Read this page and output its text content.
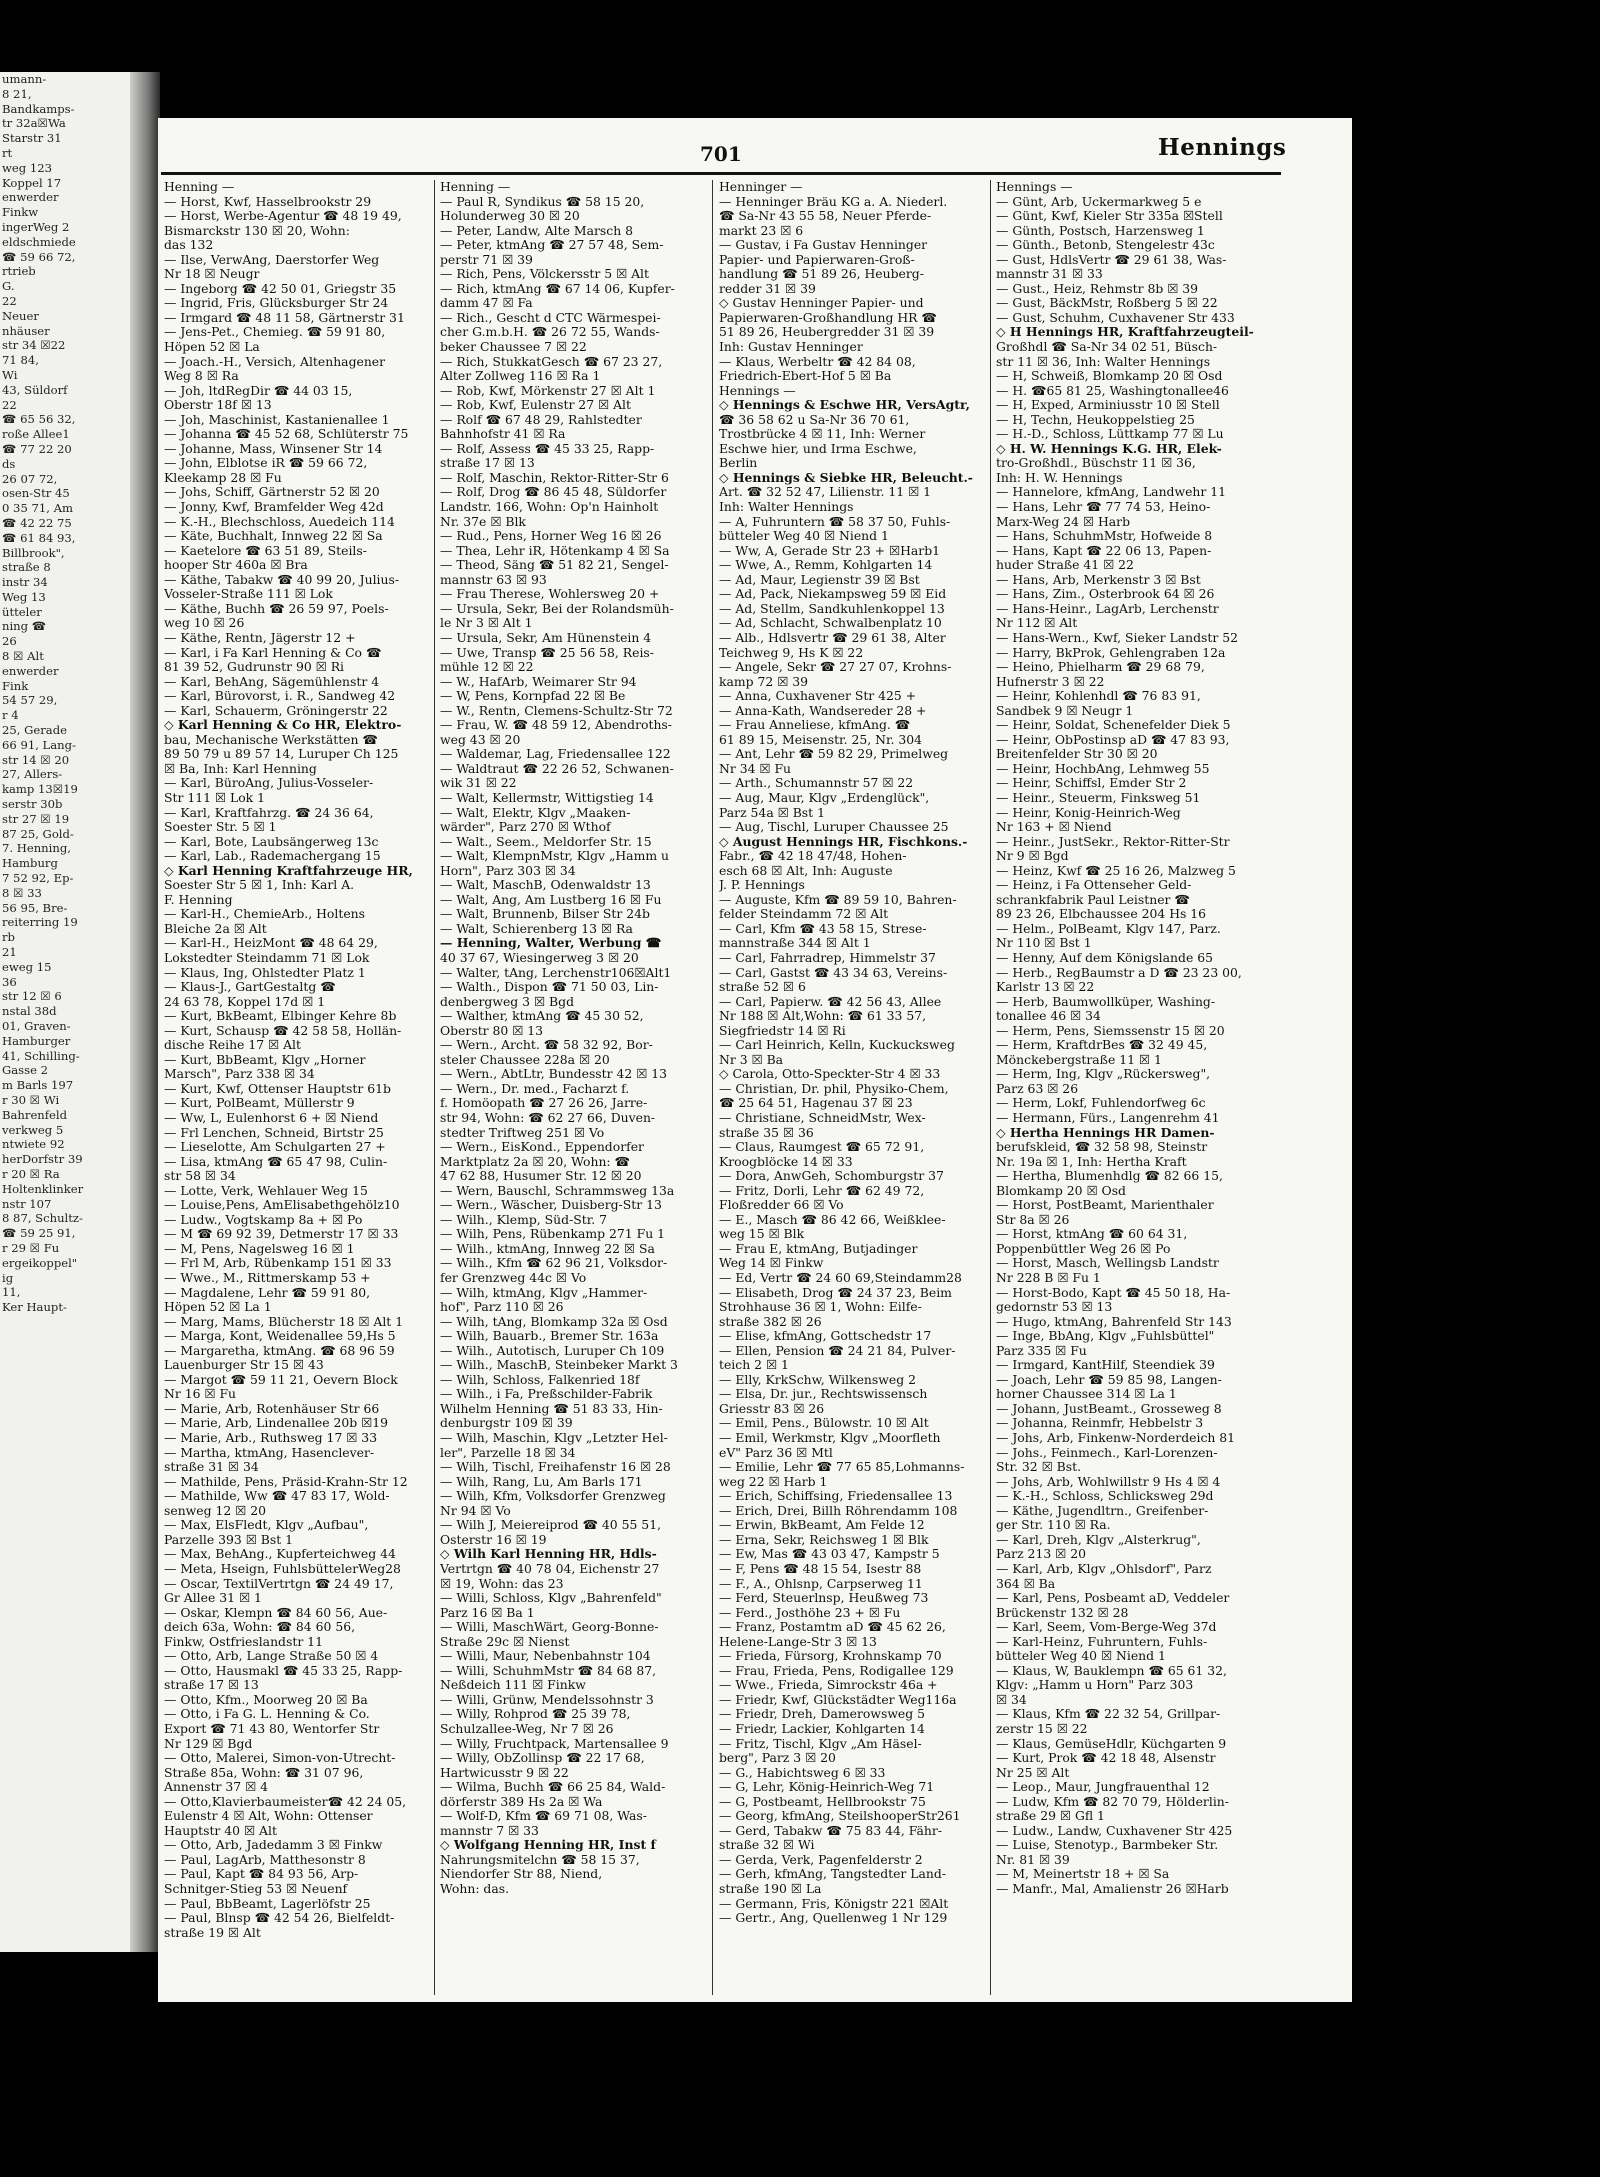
umann-
8 21,
Bandkamps-
tr 32a☒Wa
Starstr 31
rt
weg 123
Koppel 17
enwerder
Finkw
ingerWeg 2
eldschmiede
☎ 59 66 72,
rtrieb
G.
22
Neuer
nhäuser
str 34 ☒22
71 84,
Wi
43, Süldorf
22
☎ 65 56 32,
roße Allee1
☎ 77 22 20
ds
26 07 72,
osen-Str 45
0 35 71, Am
☎ 42 22 75
☎ 61 84 93,
Billbrook",
straße 8
instr 34
Weg 13
ütteler
ning ☎
26
8 ☒ Alt
enwerder
Fink
54 57 29,
r 4
25, Gerade
66 91, Lang-
str 14 ☒ 20
27, Allers-
kamp 13☒19
serstr 30b
str 27 ☒ 19
87 25, Gold-
7. Henning,
Hamburg
7 52 92, Ep-
8 ☒ 33
56 95, Bre-
reiterring 19
rb
21
eweg 15
36
str 12 ☒ 6
nstal 38d
01, Graven-
Hamburger
41, Schilling-
Gasse 2
m Barls 197
r 30 ☒ Wi
Bahrenfeld
verkweg 5
ntwiete 92
herDorfstr 39
r 20 ☒ Ra
Holtenklinker
nstr 107
8 87, Schultz-
☎ 59 25 91,
r 29 ☒ Fu
ergeikoppel"
ig
11,
Ker Haupt-
701	Hennings
Henning —
— Horst, Kwf, Hasselbrookstr 29
— Horst, Werbe-Agentur ☎ 48 19 49,
Bismarckstr 130 ☒ 20, Wohn:
das 132
— Ilse, VerwAng, Daerstorfer Weg
Nr 18 ☒ Neugr
— Ingeborg ☎ 42 50 01, Griegstr 35
— Ingrid, Fris, Glücksburger Str 24
— Irmgard ☎ 48 11 58, Gärtnerstr 31
— Jens-Pet., Chemieg. ☎ 59 91 80,
Höpen 52 ☒ La
— Joach.-H., Versich, Altenhagener
Weg 8 ☒ Ra
— Joh, ltdRegDir ☎ 44 03 15,
Oberstr 18f ☒ 13
— Joh, Maschinist, Kastanienallee 1
— Johanna ☎ 45 52 68, Schlüterstr 75
— Johanne, Mass, Winsener Str 14
— John, Elblotse iR ☎ 59 66 72,
Kleekamp 28 ☒ Fu
— Johs, Schiff, Gärtnerstr 52 ☒ 20
— Jonny, Kwf, Bramfelder Weg 42d
— K.-H., Blechschloss, Auedeich 114
— Käte, Buchhalt, Innweg 22 ☒ Sa
— Kaetelore ☎ 63 51 89, Steils-
hooper Str 460a ☒ Bra
— Käthe, Tabakw ☎ 40 99 20, Julius-
Vosseler-Straße 111 ☒ Lok
— Käthe, Buchh ☎ 26 59 97, Poels-
weg 10 ☒ 26
— Käthe, Rentn, Jägerstr 12 +
— Karl, i Fa Karl Henning & Co ☎
81 39 52, Gudrunstr 90 ☒ Ri
— Karl, BehAng, Sägemühlenstr 4
— Karl, Bürovorst, i. R., Sandweg 42
— Karl, Schauerm, Gröningerstr 22
◇ Karl Henning & Co HR, Elektro-
bau, Mechanische Werkstätten ☎
89 50 79 u 89 57 14, Luruper Ch 125
☒ Ba, Inh: Karl Henning
— Karl, BüroAng, Julius-Vosseler-
Str 111 ☒ Lok 1
— Karl, Kraftfahrzg. ☎ 24 36 64,
Soester Str. 5 ☒ 1
— Karl, Bote, Laubsängerweg 13c
— Karl, Lab., Rademachergang 15
◇ Karl Henning Kraftfahrzeuge HR,
Soester Str 5 ☒ 1, Inh: Karl A.
F. Henning
— Karl-H., ChemieArb., Holtens
Bleiche 2a ☒ Alt
— Karl-H., HeizMont ☎ 48 64 29,
Lokstedter Steindamm 71 ☒ Lok
— Klaus, Ing, Ohlstedter Platz 1
— Klaus-J., GartGestaltg ☎
24 63 78, Koppel 17d ☒ 1
— Kurt, BkBeamt, Elbinger Kehre 8b
— Kurt, Schausp ☎ 42 58 58, Hollän-
dische Reihe 17 ☒ Alt
— Kurt, BbBeamt, Klgv „Horner
Marsch", Parz 338 ☒ 34
— Kurt, Kwf, Ottenser Hauptstr 61b
— Kurt, PolBeamt, Müllerstr 9
— Ww, L, Eulenhorst 6 + ☒ Niend
— Frl Lenchen, Schneid, Birtstr 25
— Lieselotte, Am Schulgarten 27 +
— Lisa, ktmAng ☎ 65 47 98, Culin-
str 58 ☒ 34
— Lotte, Verk, Wehlauer Weg 15
— Louise,Pens, AmElisabethgehölz10
— Ludw., Vogtskamp 8a + ☒ Po
— M ☎ 69 92 39, Detmerstr 17 ☒ 33
— M, Pens, Nagelsweg 16 ☒ 1
— Frl M, Arb, Rübenkamp 151 ☒ 33
— Wwe., M., Rittmerskamp 53 +
— Magdalene, Lehr ☎ 59 91 80,
Höpen 52 ☒ La 1
— Marg, Mams, Blücherstr 18 ☒ Alt 1
— Marga, Kont, Weidenallee 59,Hs 5
— Margaretha, ktmAng. ☎ 68 96 59
Lauenburger Str 15 ☒ 43
— Margot ☎ 59 11 21, Oevern Block
Nr 16 ☒ Fu
— Marie, Arb, Rotenhäuser Str 66
— Marie, Arb, Lindenallee 20b ☒19
— Marie, Arb., Ruthsweg 17 ☒ 33
— Martha, ktmAng, Hasenclever-
straße 31 ☒ 34
— Mathilde, Pens, Präsid-Krahn-Str 12
— Mathilde, Ww ☎ 47 83 17, Wold-
senweg 12 ☒ 20
— Max, ElsFledt, Klgv „Aufbau",
Parzelle 393 ☒ Bst 1
— Max, BehAng., Kupferteichweg 44
— Meta, Hseign, FuhlsbüttelerWeg28
— Oscar, TextilVertrtgn ☎ 24 49 17,
Gr Allee 31 ☒ 1
— Oskar, Klempn ☎ 84 60 56, Aue-
deich 63a, Wohn: ☎ 84 60 56,
Finkw, Ostfrieslandstr 11
— Otto, Arb, Lange Straße 50 ☒ 4
— Otto, Hausmakl ☎ 45 33 25, Rapp-
straße 17 ☒ 13
— Otto, Kfm., Moorweg 20 ☒ Ba
— Otto, i Fa G. L. Henning & Co.
Export ☎ 71 43 80, Wentorfer Str
Nr 129 ☒ Bgd
— Otto, Malerei, Simon-von-Utrecht-
Straße 85a, Wohn: ☎ 31 07 96,
Annenstr 37 ☒ 4
— Otto,Klavierbaumeister☎ 42 24 05,
Eulenstr 4 ☒ Alt, Wohn: Ottenser
Hauptstr 40 ☒ Alt
— Otto, Arb, Jadedamm 3 ☒ Finkw
— Paul, LagArb, Matthesonstr 8
— Paul, Kapt ☎ 84 93 56, Arp-
Schnitger-Stieg 53 ☒ Neuenf
— Paul, BbBeamt, Lagerlöfstr 25
— Paul, Blnsp ☎ 42 54 26, Bielfeldt-
straße 19 ☒ Alt
Henning —
— Paul R, Syndikus ☎ 58 15 20,
Holunderweg 30 ☒ 20
— Peter, Landw, Alte Marsch 8
— Peter, ktmAng ☎ 27 57 48, Sem-
perstr 71 ☒ 39
— Rich, Pens, Völckersstr 5 ☒ Alt
— Rich, ktmAng ☎ 67 14 06, Kupfer-
damm 47 ☒ Fa
— Rich., Gescht d CTC Wärmespei-
cher G.m.b.H. ☎ 26 72 55, Wands-
beker Chaussee 7 ☒ 22
— Rich, StukkatGesch ☎ 67 23 27,
Alter Zollweg 116 ☒ Ra 1
— Rob, Kwf, Mörkenstr 27 ☒ Alt 1
— Rob, Kwf, Eulenstr 27 ☒ Alt
— Rolf ☎ 67 48 29, Rahlstedter
Bahnhofstr 41 ☒ Ra
— Rolf, Assess ☎ 45 33 25, Rapp-
straße 17 ☒ 13
— Rolf, Maschin, Rektor-Ritter-Str 6
— Rolf, Drog ☎ 86 45 48, Süldorfer
Landstr. 166, Wohn: Op'n Hainholt
Nr. 37e ☒ Blk
— Rud., Pens, Horner Weg 16 ☒ 26
— Thea, Lehr iR, Hötenkamp 4 ☒ Sa
— Theod, Säng ☎ 51 82 21, Sengel-
mannstr 63 ☒ 93
— Frau Therese, Wohlersweg 20 +
— Ursula, Sekr, Bei der Rolandsmüh-
le Nr 3 ☒ Alt 1
— Ursula, Sekr, Am Hünenstein 4
— Uwe, Transp ☎ 25 56 58, Reis-
mühle 12 ☒ 22
— W., HafArb, Weimarer Str 94
— W, Pens, Kornpfad 22 ☒ Be
— W., Rentn, Clemens-Schultz-Str 72
— Frau, W. ☎ 48 59 12, Abendroths-
weg 43 ☒ 20
— Waldemar, Lag, Friedensallee 122
— Waldtraut ☎ 22 26 52, Schwanen-
wik 31 ☒ 22
— Walt, Kellermstr, Wittigstieg 14
— Walt, Elektr, Klgv „Maaken-
wärder", Parz 270 ☒ Wthof
— Walt., Seem., Meldorfer Str. 15
— Walt, KlempnMstr, Klgv „Hamm u
Horn", Parz 303 ☒ 34
— Walt, MaschB, Odenwaldstr 13
— Walt, Ang, Am Lustberg 16 ☒ Fu
— Walt, Brunnenb, Bilser Str 24b
— Walt, Schierenberg 13 ☒ Ra
— Henning, Walter, Werbung ☎
40 37 67, Wiesingerweg 3 ☒ 20
— Walter, tAng, Lerchenstr106☒Alt1
— Walth., Dispon ☎ 71 50 03, Lin-
denbergweg 3 ☒ Bgd
— Walther, ktmAng ☎ 45 30 52,
Oberstr 80 ☒ 13
— Wern., Archt. ☎ 58 32 92, Bor-
steler Chaussee 228a ☒ 20
— Wern., AbtLtr, Bundesstr 42 ☒ 13
— Wern., Dr. med., Facharzt f.
f. Homöopath ☎ 27 26 26, Jarre-
str 94, Wohn: ☎ 62 27 66, Duven-
stedter Triftweg 251 ☒ Vo
— Wern., EisKond., Eppendorfer
Marktplatz 2a ☒ 20, Wohn: ☎
47 62 88, Husumer Str. 12 ☒ 20
— Wern, Bauschl, Schrammsweg 13a
— Wern., Wäscher, Duisberg-Str 13
— Wilh., Klemp, Süd-Str. 7
— Wilh, Pens, Rübenkamp 271 Fu 1
— Wilh., ktmAng, Innweg 22 ☒ Sa
— Wilh., Kfm ☎ 62 96 21, Volksdor-
fer Grenzweg 44c ☒ Vo
— Wilh, ktmAng, Klgv „Hammer-
hof", Parz 110 ☒ 26
— Wilh, tAng, Blomkamp 32a ☒ Osd
— Wilh, Bauarb., Bremer Str. 163a
— Wilh., Autotisch, Luruper Ch 109
— Wilh., MaschB, Steinbeker Markt 3
— Wilh, Schloss, Falkenried 18f
— Wilh., i Fa, Preßschilder-Fabrik
Wilhelm Henning ☎ 51 83 33, Hin-
denburgstr 109 ☒ 39
— Wilh, Maschin, Klgv „Letzter Hel-
ler", Parzelle 18 ☒ 34
— Wilh, Tischl, Freihafenstr 16 ☒ 28
— Wilh, Rang, Lu, Am Barls 171
— Wilh, Kfm, Volksdorfer Grenzweg
Nr 94 ☒ Vo
— Wilh J, Meiereiprod ☎ 40 55 51,
Osterstr 16 ☒ 19
◇ Wilh Karl Henning HR, Hdls-
Vertrtgn ☎ 40 78 04, Eichenstr 27
☒ 19, Wohn: das 23
— Willi, Schloss, Klgv „Bahrenfeld"
Parz 16 ☒ Ba 1
— Willi, MaschWärt, Georg-Bonne-
Straße 29c ☒ Nienst
— Willi, Maur, Nebenbahnstr 104
— Willi, SchuhmMstr ☎ 84 68 87,
Neßdeich 111 ☒ Finkw
— Willi, Grünw, Mendelssohnstr 3
— Willy, Rohprod ☎ 25 39 78,
Schulzallee-Weg, Nr 7 ☒ 26
— Willy, Fruchtpack, Martensallee 9
— Willy, ObZollinsp ☎ 22 17 68,
Hartwicusstr 9 ☒ 22
— Wilma, Buchh ☎ 66 25 84, Wald-
dörferstr 389 Hs 2a ☒ Wa
— Wolf-D, Kfm ☎ 69 71 08, Was-
mannstr 7 ☒ 33
◇ Wolfgang Henning HR, Inst f
Nahrungsmitelchn ☎ 58 15 37,
Niendorfer Str 88, Niend,
Wohn: das.
Henninger —
— Henninger Bräu KG a. A. Niederl.
☎ Sa-Nr 43 55 58, Neuer Pferde-
markt 23 ☒ 6
— Gustav, i Fa Gustav Henninger
Papier- und Papierwaren-Groß-
handlung ☎ 51 89 26, Heuberg-
redder 31 ☒ 39
◇ Gustav Henninger Papier- und
Papierwaren-Großhandlung HR ☎
51 89 26, Heubergredder 31 ☒ 39
Inh: Gustav Henninger
— Klaus, Werbeltr ☎ 42 84 08,
Friedrich-Ebert-Hof 5 ☒ Ba
Hennings —
◇ Hennings & Eschwe HR, VersAgtr,
☎ 36 58 62 u Sa-Nr 36 70 61,
Trostbrücke 4 ☒ 11, Inh: Werner
Eschwe hier, und Irma Eschwe,
Berlin
◇ Hennings & Siebke HR, Beleucht.-
Art. ☎ 32 52 47, Lilienstr. 11 ☒ 1
Inh: Walter Hennings
— A, Fuhruntern ☎ 58 37 50, Fuhls-
bütteler Weg 40 ☒ Niend 1
— Ww, A, Gerade Str 23 + ☒Harb1
— Wwe, A., Remm, Kohlgarten 14
— Ad, Maur, Legienstr 39 ☒ Bst
— Ad, Pack, Niekampsweg 59 ☒ Eid
— Ad, Stellm, Sandkuhlenkoppel 13
— Ad, Schlacht, Schwalbenplatz 10
— Alb., Hdlsvertr ☎ 29 61 38, Alter
Teichweg 9, Hs K ☒ 22
— Angele, Sekr ☎ 27 27 07, Krohns-
kamp 72 ☒ 39
— Anna, Cuxhavener Str 425 +
— Anna-Kath, Wandsereder 28 +
— Frau Anneliese, kfmAng. ☎
61 89 15, Meisenstr. 25, Nr. 304
— Ant, Lehr ☎ 59 82 29, Primelweg
Nr 34 ☒ Fu
— Arth., Schumannstr 57 ☒ 22
— Aug, Maur, Klgv „Erdenglück",
Parz 54a ☒ Bst 1
— Aug, Tischl, Luruper Chaussee 25
◇ August Hennings HR, Fischkons.-
Fabr., ☎ 42 18 47/48, Hohen-
esch 68 ☒ Alt, Inh: Auguste
J. P. Hennings
— Auguste, Kfm ☎ 89 59 10, Bahren-
felder Steindamm 72 ☒ Alt
— Carl, Kfm ☎ 43 58 15, Strese-
mannstraße 344 ☒ Alt 1
— Carl, Fahrradrep, Himmelstr 37
— Carl, Gastst ☎ 43 34 63, Vereins-
straße 52 ☒ 6
— Carl, Papierw. ☎ 42 56 43, Allee
Nr 188 ☒ Alt,Wohn: ☎ 61 33 57,
Siegfriedstr 14 ☒ Ri
— Carl Heinrich, Kelln, Kuckucksweg
Nr 3 ☒ Ba
◇ Carola, Otto-Speckter-Str 4 ☒ 33
— Christian, Dr. phil, Physiko-Chem,
☎ 25 64 51, Hagenau 37 ☒ 23
— Christiane, SchneidMstr, Wex-
straße 35 ☒ 36
— Claus, Raumgest ☎ 65 72 91,
Kroogblöcke 14 ☒ 33
— Dora, AnwGeh, Schomburgstr 37
— Fritz, Dorli, Lehr ☎ 62 49 72,
Floßredder 66 ☒ Vo
— E., Masch ☎ 86 42 66, Weißklee-
weg 15 ☒ Blk
— Frau E, ktmAng, Butjadinger
Weg 14 ☒ Finkw
— Ed, Vertr ☎ 24 60 69,Steindamm28
— Elisabeth, Drog ☎ 24 37 23, Beim
Strohhause 36 ☒ 1, Wohn: Eilfe-
straße 382 ☒ 26
— Elise, kfmAng, Gottschedstr 17
— Ellen, Pension ☎ 24 21 84, Pulver-
teich 2 ☒ 1
— Elly, KrkSchw, Wilkensweg 2
— Elsa, Dr. jur., Rechtswissensch
Griesstr 83 ☒ 26
— Emil, Pens., Bülowstr. 10 ☒ Alt
— Emil, Werkmstr, Klgv „Moorfleth
eV" Parz 36 ☒ Mtl
— Emilie, Lehr ☎ 77 65 85,Lohmanns-
weg 22 ☒ Harb 1
— Erich, Schiffsing, Friedensallee 13
— Erich, Drei, Billh Röhrendamm 108
— Erwin, BkBeamt, Am Felde 12
— Erna, Sekr, Reichsweg 1 ☒ Blk
— Ew, Mas ☎ 43 03 47, Kampstr 5
— F, Pens ☎ 48 15 54, Isestr 88
— F., A., Ohlsnp, Carpserweg 11
— Ferd, Steuerlnsp, Heußweg 73
— Ferd., Josthöhe 23 + ☒ Fu
— Franz, Postamtm aD ☎ 45 62 26,
Helene-Lange-Str 3 ☒ 13
— Frieda, Fürsorg, Krohnskamp 70
— Frau, Frieda, Pens, Rodigallee 129
— Wwe., Frieda, Simrockstr 46a +
— Friedr, Kwf, Glückstädter Weg116a
— Friedr, Dreh, Damerowsweg 5
— Friedr, Lackier, Kohlgarten 14
— Fritz, Tischl, Klgv „Am Häsel-
berg", Parz 3 ☒ 20
— G., Habichtsweg 6 ☒ 33
— G, Lehr, König-Heinrich-Weg 71
— G, Postbeamt, Hellbrookstr 75
— Georg, kfmAng, SteilshooperStr261
— Gerd, Tabakw ☎ 75 83 44, Fähr-
straße 32 ☒ Wi
— Gerda, Verk, Pagenfelderstr 2
— Gerh, kfmAng, Tangstedter Land-
straße 190 ☒ La
— Germann, Fris, Königstr 221 ☒Alt
— Gertr., Ang, Quellenweg 1 Nr 129
Hennings —
— Günt, Arb, Uckermarkweg 5 e
— Günt, Kwf, Kieler Str 335a ☒Stell
— Günth, Postsch, Harzensweg 1
— Günth., Betonb, Stengelestr 43c
— Gust, HdlsVertr ☎ 29 61 38, Was-
mannstr 31 ☒ 33
— Gust., Heiz, Rehmstr 8b ☒ 39
— Gust, BäckMstr, Roßberg 5 ☒ 22
— Gust, Schuhm, Cuxhavener Str 433
◇ H Hennings HR, Kraftfahrzeugteil-
Großhdl ☎ Sa-Nr 34 02 51, Büsch-
str 11 ☒ 36, Inh: Walter Hennings
— H, Schweiß, Blomkamp 20 ☒ Osd
— H. ☎65 81 25, Washingtonallee46
— H, Exped, Arminiusstr 10 ☒ Stell
— H, Techn, Heukoppelstieg 25
— H.-D., Schloss, Lüttkamp 77 ☒ Lu
◇ H. W. Hennings K.G. HR, Elek-
tro-Großhdl., Büschstr 11 ☒ 36,
Inh: H. W. Hennings
— Hannelore, kfmAng, Landwehr 11
— Hans, Lehr ☎ 77 74 53, Heino-
Marx-Weg 24 ☒ Harb
— Hans, SchuhmMstr, Hofweide 8
— Hans, Kapt ☎ 22 06 13, Papen-
huder Straße 41 ☒ 22
— Hans, Arb, Merkenstr 3 ☒ Bst
— Hans, Zim., Osterbrook 64 ☒ 26
— Hans-Heinr., LagArb, Lerchenstr
Nr 112 ☒ Alt
— Hans-Wern., Kwf, Sieker Landstr 52
— Harry, BkProk, Gehlengraben 12a
— Heino, Phielharm ☎ 29 68 79,
Hufnerstr 3 ☒ 22
— Heinr, Kohlenhdl ☎ 76 83 91,
Sandbek 9 ☒ Neugr 1
— Heinr, Soldat, Schenefelder Diek 5
— Heinr, ObPostinsp aD ☎ 47 83 93,
Breitenfelder Str 30 ☒ 20
— Heinr, HochbAng, Lehmweg 55
— Heinr, Schiffsl, Emder Str 2
— Heinr., Steuerm, Finksweg 51
— Heinr, Konig-Heinrich-Weg
Nr 163 + ☒ Niend
— Heinr., JustSekr., Rektor-Ritter-Str
Nr 9 ☒ Bgd
— Heinz, Kwf ☎ 25 16 26, Malzweg 5
— Heinz, i Fa Ottenseher Geld-
schrankfabrik Paul Leistner ☎
89 23 26, Elbchaussee 204 Hs 16
— Helm., PolBeamt, Klgv 147, Parz.
Nr 110 ☒ Bst 1
— Henny, Auf dem Königslande 65
— Herb., RegBaumstr a D ☎ 23 23 00,
Karlstr 13 ☒ 22
— Herb, Baumwollküper, Washing-
tonallee 46 ☒ 34
— Herm, Pens, Siemssenstr 15 ☒ 20
— Herm, KraftdrBes ☎ 32 49 45,
Mönckebergstraße 11 ☒ 1
— Herm, Ing, Klgv „Rückersweg",
Parz 63 ☒ 26
— Herm, Lokf, Fuhlendorfweg 6c
— Hermann, Fürs., Langenrehm 41
◇ Hertha Hennings HR Damen-
berufskleid, ☎ 32 58 98, Steinstr
Nr. 19a ☒ 1, Inh: Hertha Kraft
— Hertha, Blumenhdlg ☎ 82 66 15,
Blomkamp 20 ☒ Osd
— Horst, PostBeamt, Marienthaler
Str 8a ☒ 26
— Horst, ktmAng ☎ 60 64 31,
Poppenbüttler Weg 26 ☒ Po
— Horst, Masch, Wellingsb Landstr
Nr 228 B ☒ Fu 1
— Horst-Bodo, Kapt ☎ 45 50 18, Ha-
gedornstr 53 ☒ 13
— Hugo, ktmAng, Bahrenfeld Str 143
— Inge, BbAng, Klgv „Fuhlsbüttel"
Parz 335 ☒ Fu
— Irmgard, KantHilf, Steendiek 39
— Joach, Lehr ☎ 59 85 98, Langen-
horner Chaussee 314 ☒ La 1
— Johann, JustBeamt., Grosseweg 8
— Johanna, Reinmfr, Hebbelstr 3
— Johs, Arb, Finkenw-Norderdeich 81
— Johs., Feinmech., Karl-Lorenzen-
Str. 32 ☒ Bst.
— Johs, Arb, Wohlwillstr 9 Hs 4 ☒ 4
— K.-H., Schloss, Schlicksweg 29d
— Käthe, Jugendltrn., Greifenber-
ger Str. 110 ☒ Ra.
— Karl, Dreh, Klgv „Alsterkrug",
Parz 213 ☒ 20
— Karl, Arb, Klgv „Ohlsdorf", Parz
364 ☒ Ba
— Karl, Pens, Posbeamt aD, Veddeler
Brückenstr 132 ☒ 28
— Karl, Seem, Vom-Berge-Weg 37d
— Karl-Heinz, Fuhruntern, Fuhls-
bütteler Weg 40 ☒ Niend 1
— Klaus, W, Bauklempn ☎ 65 61 32,
Klgv: „Hamm u Horn" Parz 303
☒ 34
— Klaus, Kfm ☎ 22 32 54, Grillpar-
zerstr 15 ☒ 22
— Klaus, GemüseHdlr, Küchgarten 9
— Kurt, Prok ☎ 42 18 48, Alsenstr
Nr 25 ☒ Alt
— Leop., Maur, Jungfrauenthal 12
— Ludw, Kfm ☎ 82 70 79, Hölderlin-
straße 29 ☒ Gfl 1
— Ludw., Landw, Cuxhavener Str 425
— Luise, Stenotyp., Barmbeker Str.
Nr. 81 ☒ 39
— M, Meinertstr 18 + ☒ Sa
— Manfr., Mal, Amalienstr 26 ☒Harb
